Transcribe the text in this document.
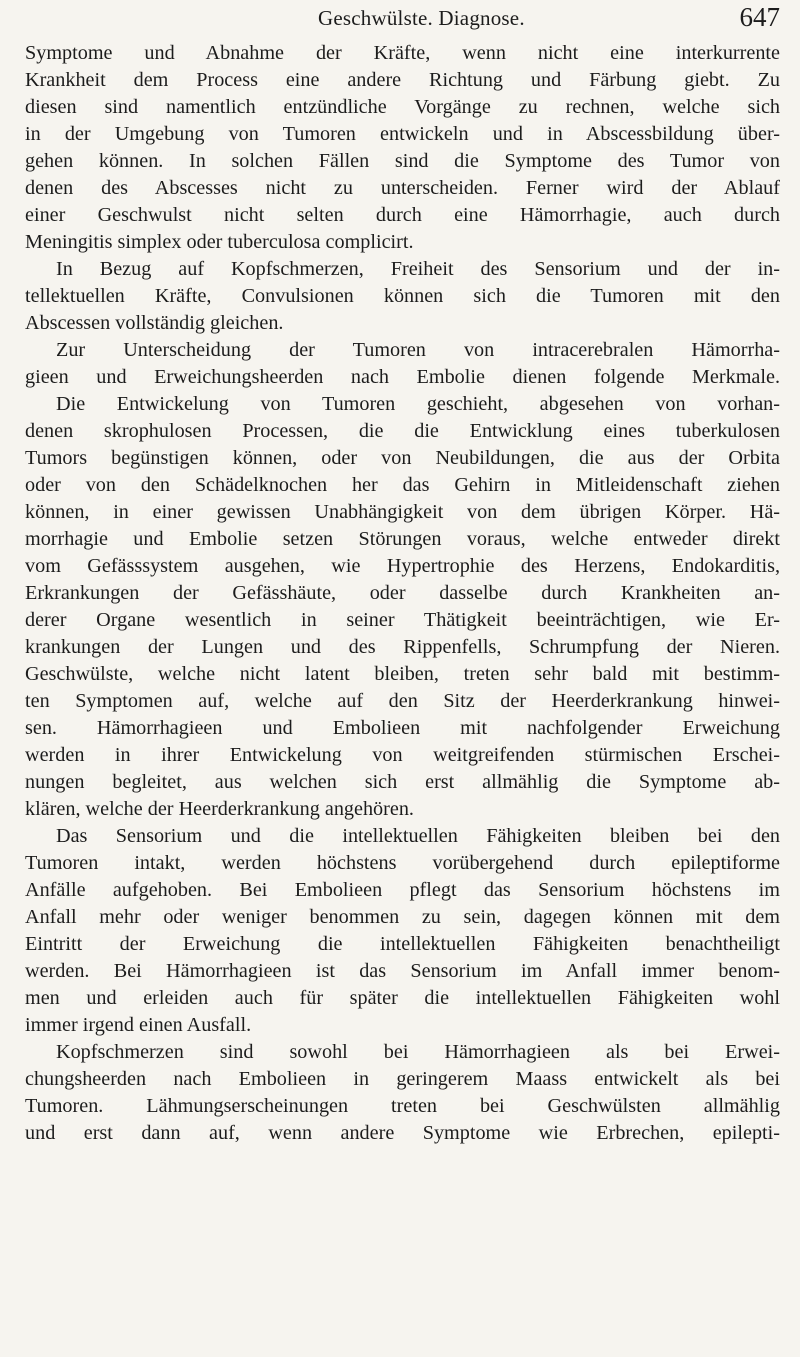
Geschwülste. Diagnose.	647
Symptome und Abnahme der Kräfte, wenn nicht eine interkurrente
Krankheit dem Process eine andere Richtung und Färbung giebt. Zu
diesen sind namentlich entzündliche Vorgänge zu rechnen, welche sich
in der Umgebung von Tumoren entwickeln und in Abscessbildung über-
gehen können. In solchen Fällen sind die Symptome des Tumor von
denen des Abscesses nicht zu unterscheiden. Ferner wird der Ablauf
einer Geschwulst nicht selten durch eine Hämorrhagie, auch durch
Meningitis simplex oder tuberculosa complicirt.
In Bezug auf Kopfschmerzen, Freiheit des Sensorium und der in-
tellektuellen Kräfte, Convulsionen können sich die Tumoren mit den
Abscessen vollständig gleichen.
Zur Unterscheidung der Tumoren von intracerebralen Hämorrha-
gieen und Erweichungsheerden nach Embolie dienen folgende Merkmale.
Die Entwickelung von Tumoren geschieht, abgesehen von vorhan-
denen skrophulosen Processen, die die Entwicklung eines tuberkulosen
Tumors begünstigen können, oder von Neubildungen, die aus der Orbita
oder von den Schädelknochen her das Gehirn in Mitleidenschaft ziehen
können, in einer gewissen Unabhängigkeit von dem übrigen Körper. Hä-
morrhagie und Embolie setzen Störungen voraus, welche entweder direkt
vom Gefässsystem ausgehen, wie Hypertrophie des Herzens, Endokarditis,
Erkrankungen der Gefässhäute, oder dasselbe durch Krankheiten an-
derer Organe wesentlich in seiner Thätigkeit beeinträchtigen, wie Er-
krankungen der Lungen und des Rippenfells, Schrumpfung der Nieren.
Geschwülste, welche nicht latent bleiben, treten sehr bald mit bestimm-
ten Symptomen auf, welche auf den Sitz der Heerderkrankung hinwei-
sen. Hämorrhagieen und Embolieen mit nachfolgender Erweichung
werden in ihrer Entwickelung von weitgreifenden stürmischen Erschei-
nungen begleitet, aus welchen sich erst allmählig die Symptome ab-
klären, welche der Heerderkrankung angehören.
Das Sensorium und die intellektuellen Fähigkeiten bleiben bei den
Tumoren intakt, werden höchstens vorübergehend durch epileptiforme
Anfälle aufgehoben. Bei Embolieen pflegt das Sensorium höchstens im
Anfall mehr oder weniger benommen zu sein, dagegen können mit dem
Eintritt der Erweichung die intellektuellen Fähigkeiten benachtheiligt
werden. Bei Hämorrhagieen ist das Sensorium im Anfall immer benom-
men und erleiden auch für später die intellektuellen Fähigkeiten wohl
immer irgend einen Ausfall.
Kopfschmerzen sind sowohl bei Hämorrhagieen als bei Erwei-
chungsheerden nach Embolieen in geringerem Maass entwickelt als bei
Tumoren. Lähmungserscheinungen treten bei Geschwülsten allmählig
und erst dann auf, wenn andere Symptome wie Erbrechen, epilepti-
